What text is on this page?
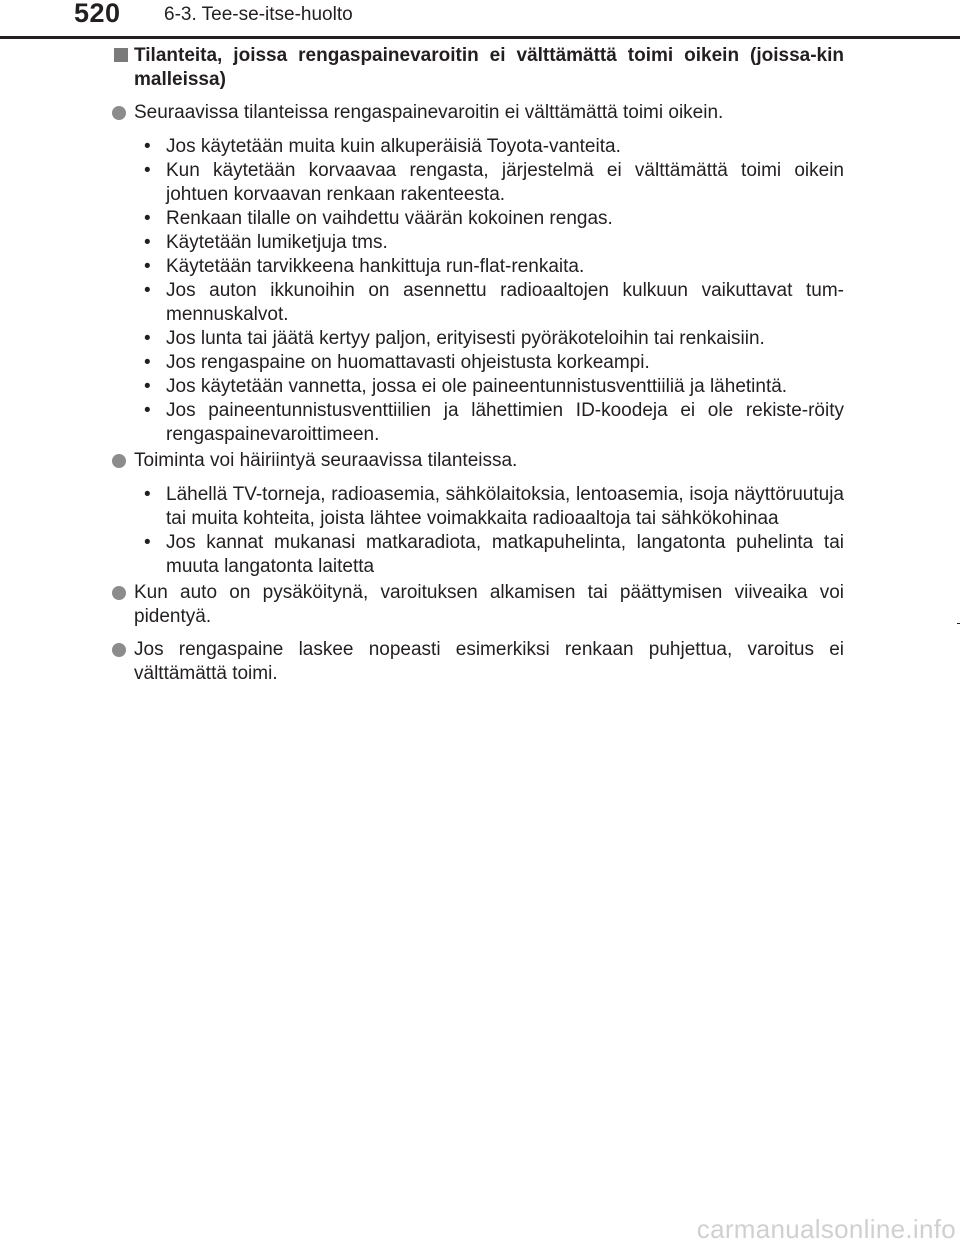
520 6-3. Tee-se-itse-huolto
Tilanteita, joissa rengaspainevaroitin ei välttämättä toimi oikein (joissa-kin malleissa)
Seuraavissa tilanteissa rengaspainevaroitin ei välttämättä toimi oikein.
• Jos käytetään muita kuin alkuperäisiä Toyota-vanteita.
• Kun käytetään korvaavaa rengasta, järjestelmä ei välttämättä toimi oikein johtuen korvaavan renkaan rakenteesta.
• Renkaan tilalle on vaihdettu väärän kokoinen rengas.
• Käytetään lumiketjuja tms.
• Käytetään tarvikkeena hankittuja run-flat-renkaita.
• Jos auton ikkunoihin on asennettu radioaaltojen kulkuun vaikuttavat tum-mennuskalvot.
• Jos lunta tai jäätä kertyy paljon, erityisesti pyöräkoteloihin tai renkaisiin.
• Jos rengaspaine on huomattavasti ohjeistusta korkeampi.
• Jos käytetään vannetta, jossa ei ole paineentunnistusventtiiliä ja lähetintä.
• Jos paineentunnistusventtiilien ja lähettimien ID-koodeja ei ole rekiste-röity rengaspainevaroittimeen.
Toiminta voi häiriintyä seuraavissa tilanteissa.
• Lähellä TV-torneja, radioasemia, sähkölaitoksia, lentoasemia, isoja näyttöruutuja tai muita kohteita, joista lähtee voimakkaita radioaaltoja tai sähkökohinaa
• Jos kannat mukanasi matkaradiota, matkapuhelinta, langatonta puhelinta tai muuta langatonta laitetta
Kun auto on pysäköitynä, varoituksen alkamisen tai päättymisen viiveaika voi pidentyä.
Jos rengaspaine laskee nopeasti esimerkiksi renkaan puhjettua, varoitus ei välttämättä toimi.
carmanualsonline.info
